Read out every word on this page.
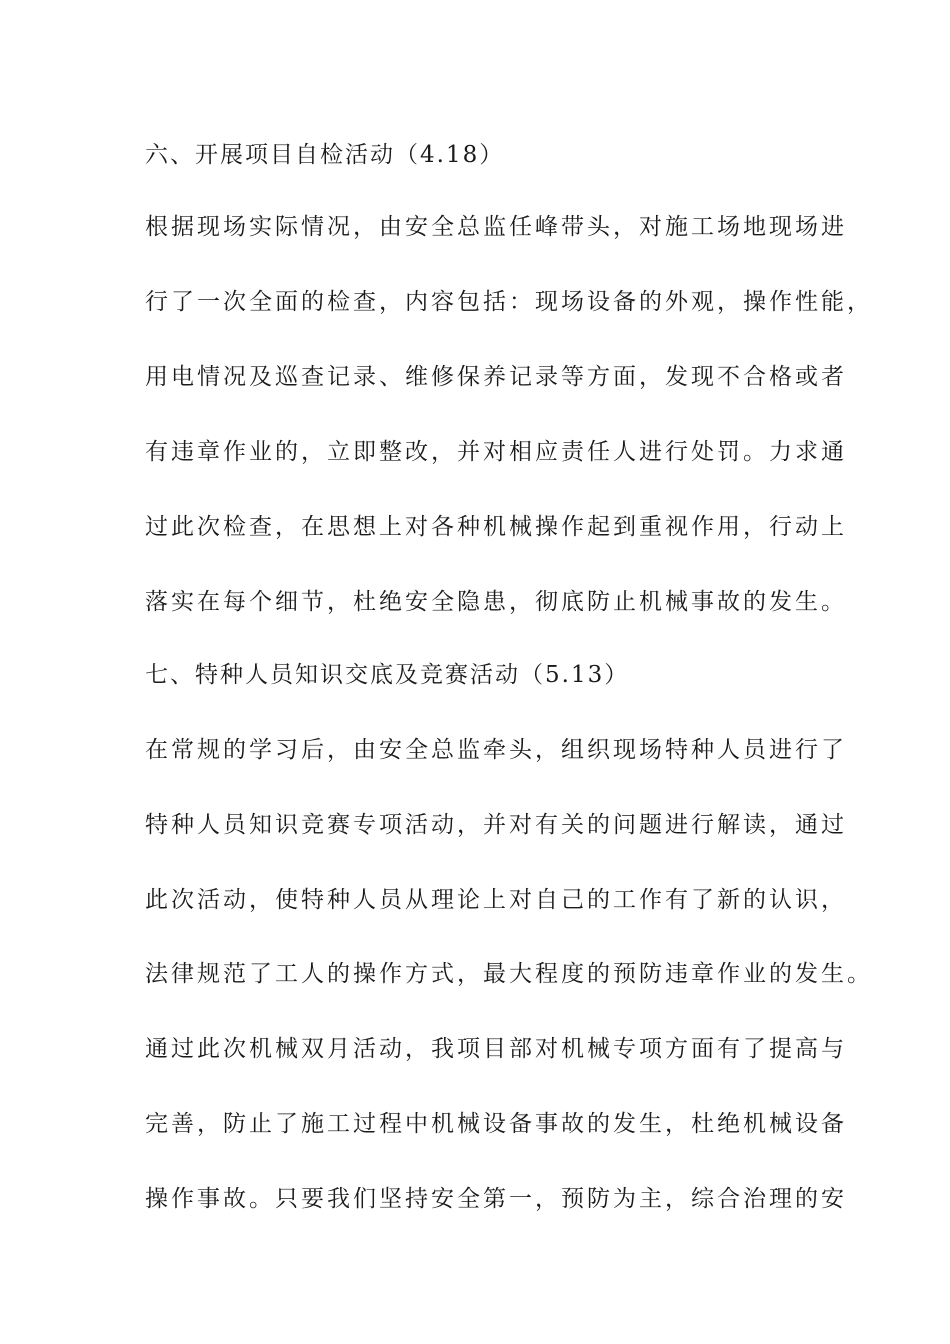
六、开展项目自检活动（4.18）
根据现场实际情况，由安全总监任峰带头，对施工场地现场进
行了一次全面的检查，内容包括：现场设备的外观，操作性能，
用电情况及巡查记录、维修保养记录等方面，发现不合格或者
有违章作业的，立即整改，并对相应责任人进行处罚。力求通
过此次检查，在思想上对各种机械操作起到重视作用，行动上
落实在每个细节，杜绝安全隐患，彻底防止机械事故的发生。
七、特种人员知识交底及竞赛活动（5.13）
在常规的学习后，由安全总监牵头，组织现场特种人员进行了
特种人员知识竞赛专项活动，并对有关的问题进行解读，通过
此次活动，使特种人员从理论上对自己的工作有了新的认识，
法律规范了工人的操作方式，最大程度的预防违章作业的发生。
通过此次机械双月活动，我项目部对机械专项方面有了提高与
完善，防止了施工过程中机械设备事故的发生，杜绝机械设备
操作事故。只要我们坚持安全第一，预防为主，综合治理的安
